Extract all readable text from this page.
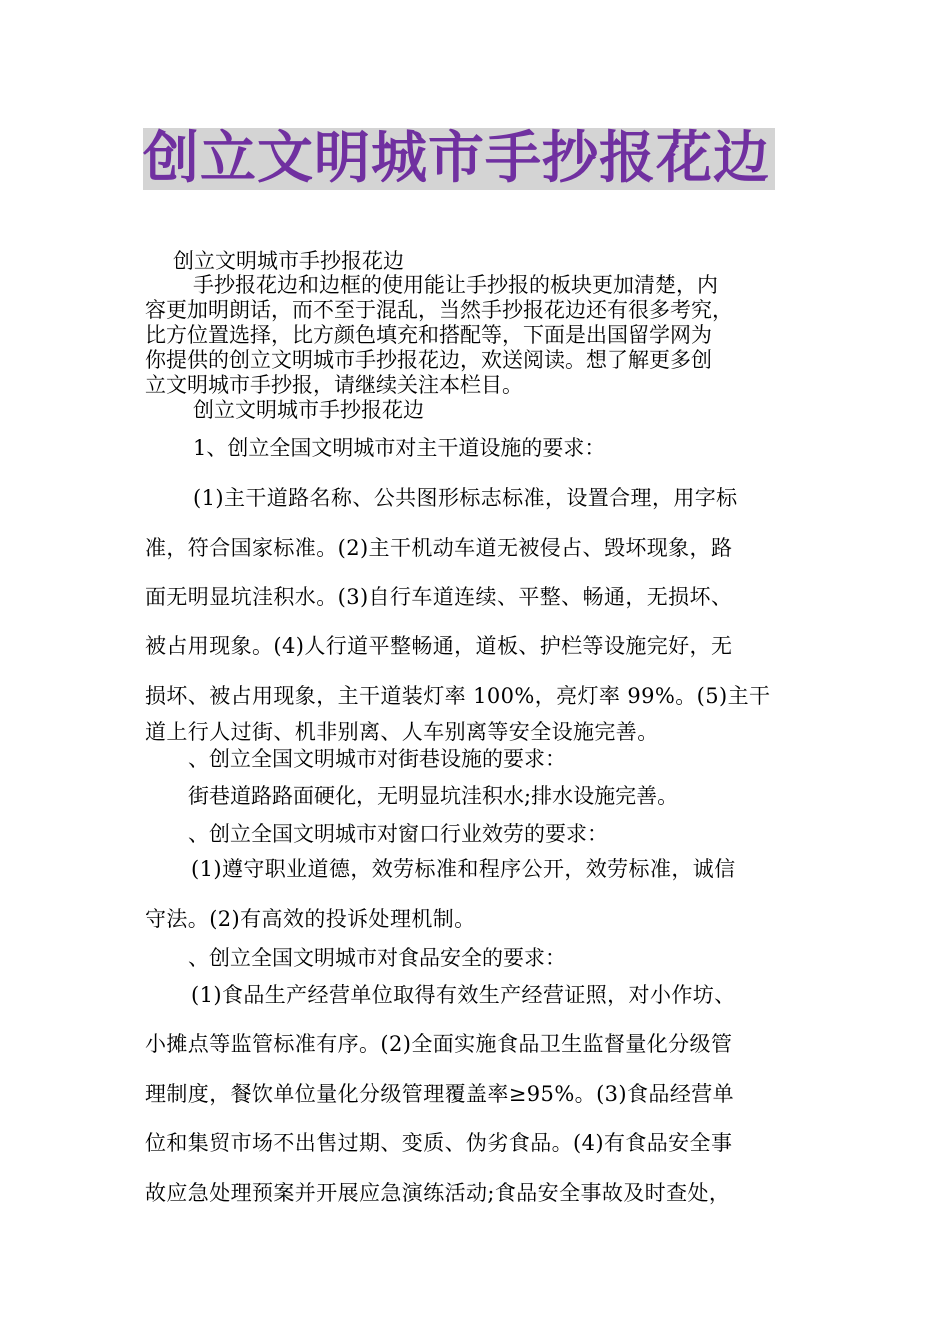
创立文明城市手抄报花边
创立文明城市手抄报花边
手抄报花边和边框的使用能让手抄报的板块更加清楚，内
容更加明朗话，而不至于混乱，当然手抄报花边还有很多考究，
比方位置选择，比方颜色填充和搭配等，下面是出国留学网为
你提供的创立文明城市手抄报花边，欢送阅读。想了解更多创
立文明城市手抄报，请继续关注本栏目。
创立文明城市手抄报花边
1、创立全国文明城市对主干道设施的要求：
(1)主干道路名称、公共图形标志标准，设置合理，用字标
准，符合国家标准。(2)主干机动车道无被侵占、毁坏现象，路
面无明显坑洼积水。(3)自行车道连续、平整、畅通，无损坏、
被占用现象。(4)人行道平整畅通，道板、护栏等设施完好，无
损坏、被占用现象，主干道装灯率 100%，亮灯率 99%。(5)主干
道上行人过街、机非别离、人车别离等安全设施完善。
、创立全国文明城市对街巷设施的要求：
街巷道路路面硬化，无明显坑洼积水;排水设施完善。
、创立全国文明城市对窗口行业效劳的要求：
(1)遵守职业道德，效劳标准和程序公开，效劳标准，诚信
守法。(2)有高效的投诉处理机制。
、创立全国文明城市对食品安全的要求：
(1)食品生产经营单位取得有效生产经营证照，对小作坊、
小摊点等监管标准有序。(2)全面实施食品卫生监督量化分级管
理制度，餐饮单位量化分级管理覆盖率≥95%。(3)食品经营单
位和集贸市场不出售过期、变质、伪劣食品。(4)有食品安全事
故应急处理预案并开展应急演练活动;食品安全事故及时查处，
